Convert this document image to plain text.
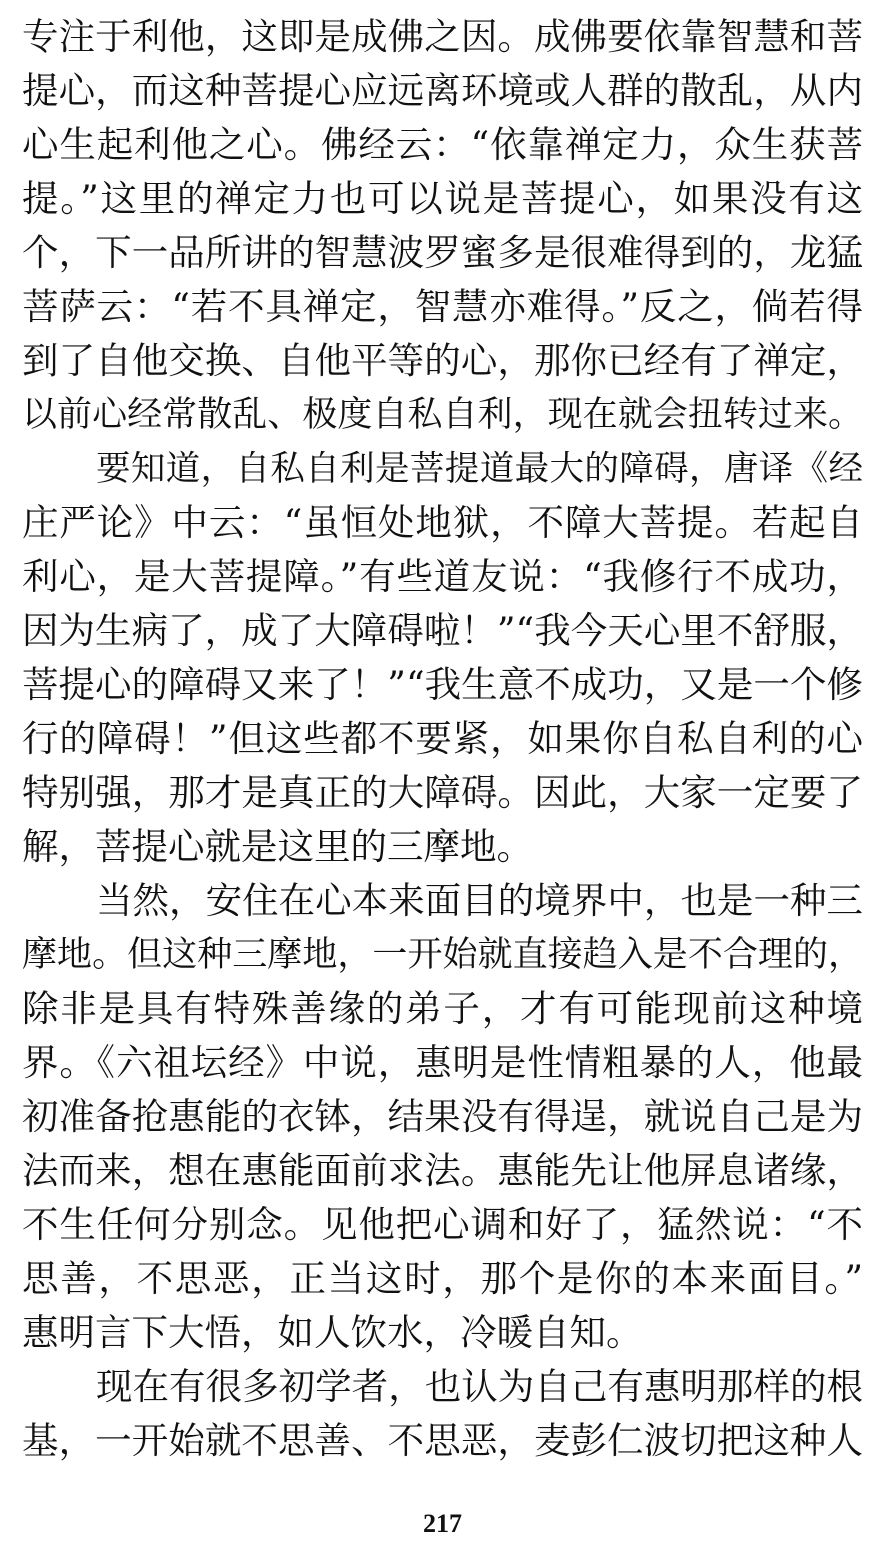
专注于利他，这即是成佛之因。成佛要依靠智慧和菩
提心，而这种菩提心应远离环境或人群的散乱，从内
心生起利他之心。佛经云：“依靠禅定力，众生获菩
提。”这里的禅定力也可以说是菩提心，如果没有这
个，下一品所讲的智慧波罗蜜多是很难得到的，龙猛
菩萨云：“若不具禅定，智慧亦难得。”反之，倘若得
到了自他交换、自他平等的心，那你已经有了禅定，
以前心经常散乱、极度自私自利，现在就会扭转过来。
要知道，自私自利是菩提道最大的障碍，唐译《经
庄严论》中云：“虽恒处地狱，不障大菩提。若起自
利心，是大菩提障。”有些道友说：“我修行不成功，
因为生病了，成了大障碍啦！”“我今天心里不舒服，
菩提心的障碍又来了！”“我生意不成功，又是一个修
行的障碍！”但这些都不要紧，如果你自私自利的心
特别强，那才是真正的大障碍。因此，大家一定要了
解，菩提心就是这里的三摩地。
当然，安住在心本来面目的境界中，也是一种三
摩地。但这种三摩地，一开始就直接趋入是不合理的，
除非是具有特殊善缘的弟子，才有可能现前这种境
界。《六祖坛经》中说，惠明是性情粗暴的人，他最
初准备抢惠能的衣钵，结果没有得逞，就说自己是为
法而来，想在惠能面前求法。惠能先让他屏息诸缘，
不生任何分别念。见他把心调和好了，猛然说：“不
思善，不思恶，正当这时，那个是你的本来面目。”
惠明言下大悟，如人饮水，冷暖自知。
现在有很多初学者，也认为自己有惠明那样的根
基，一开始就不思善、不思恶，麦彭仁波切把这种人
217
